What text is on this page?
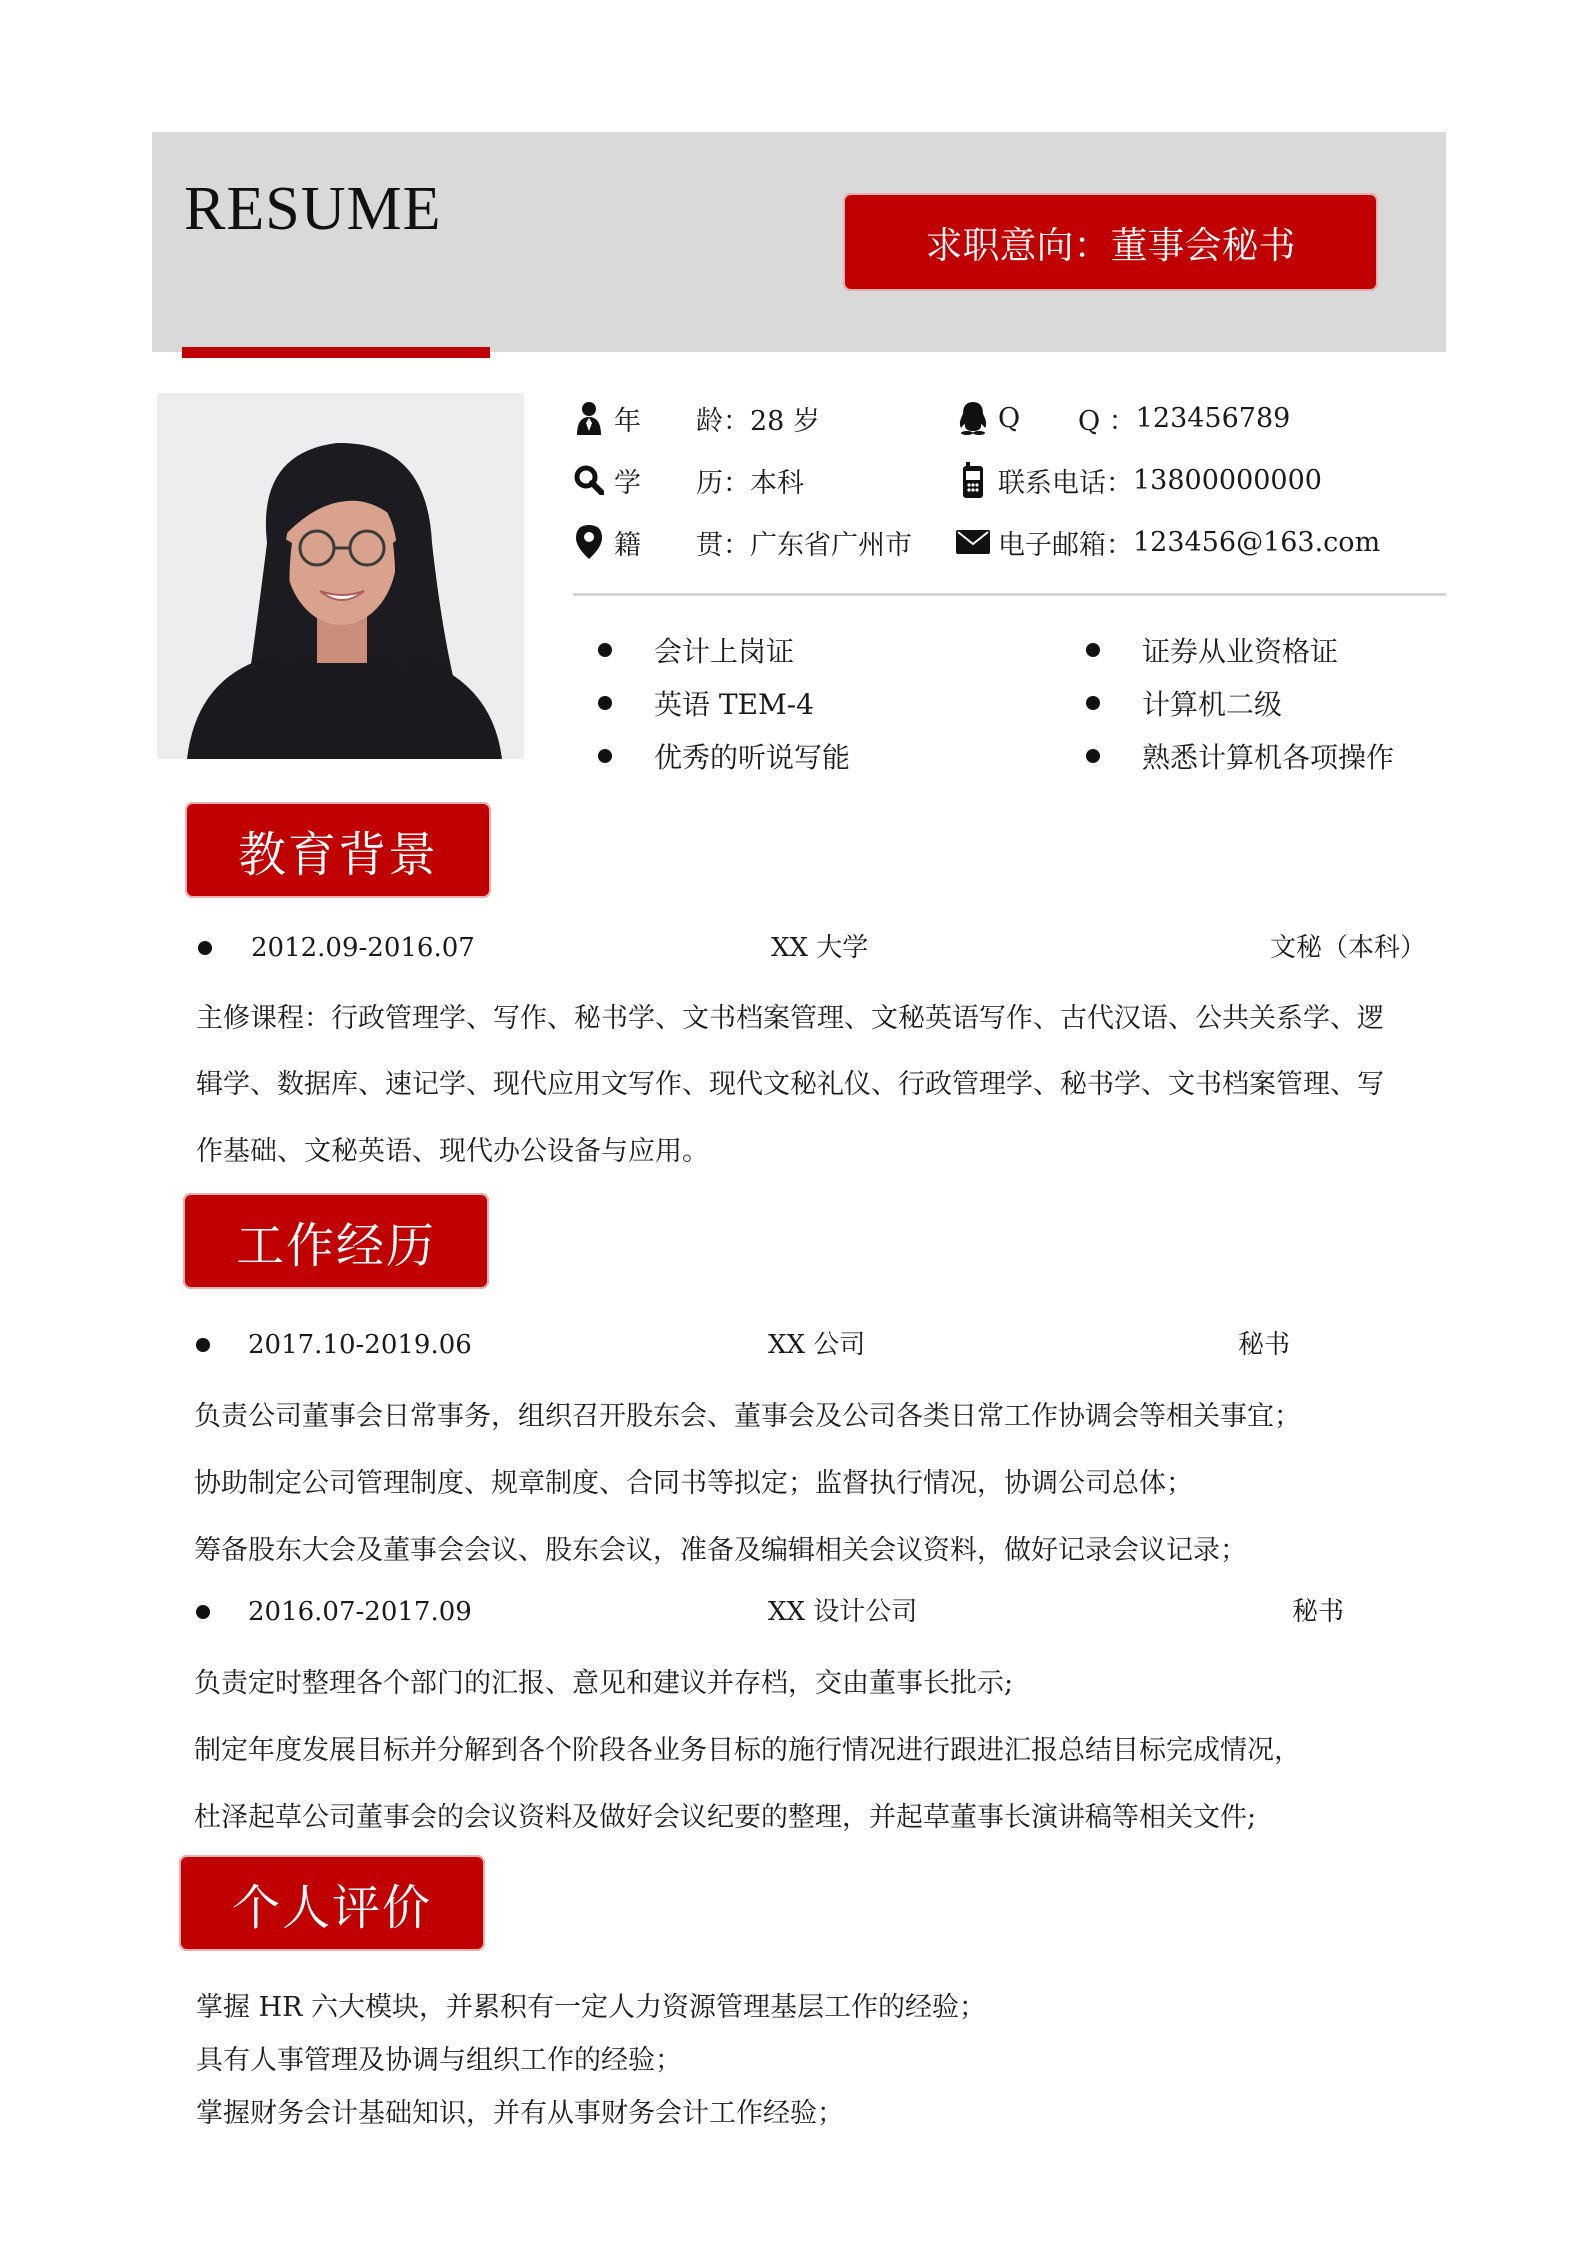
RESUME
求职意向：董事会秘书
年	龄： 28 岁
学	历： 本科
籍	贯： 广东省广州市
Q	Q ： 123456789
联系电话： 13800000000
电子邮箱： 123456@163.com
会计上岗证
英语 TEM-4
优秀的听说写能
证券从业资格证
计算机二级
熟悉计算机各项操作
教育背景
2012.09-2016.07	XX 大学	文秘（本科）
主修课程：行政管理学、写作、秘书学、文书档案管理、文秘英语写作、古代汉语、公共关系学、逻
辑学、数据库、速记学、现代应用文写作、现代文秘礼仪、行政管理学、秘书学、文书档案管理、写
作基础、文秘英语、现代办公设备与应用。
工作经历
2017.10-2019.06	XX 公司	秘书
负责公司董事会日常事务，组织召开股东会、董事会及公司各类日常工作协调会等相关事宜；
协助制定公司管理制度、规章制度、合同书等拟定；监督执行情况，协调公司总体；
筹备股东大会及董事会会议、股东会议，准备及编辑相关会议资料，做好记录会议记录；
2016.07-2017.09	XX 设计公司	秘书
负责定时整理各个部门的汇报、意见和建议并存档，交由董事长批示;
制定年度发展目标并分解到各个阶段各业务目标的施行情况进行跟进汇报总结目标完成情况，
杜泽起草公司董事会的会议资料及做好会议纪要的整理，并起草董事长演讲稿等相关文件;
个人评价
掌握 HR 六大模块，并累积有一定人力资源管理基层工作的经验；
具有人事管理及协调与组织工作的经验；
掌握财务会计基础知识，并有从事财务会计工作经验；
